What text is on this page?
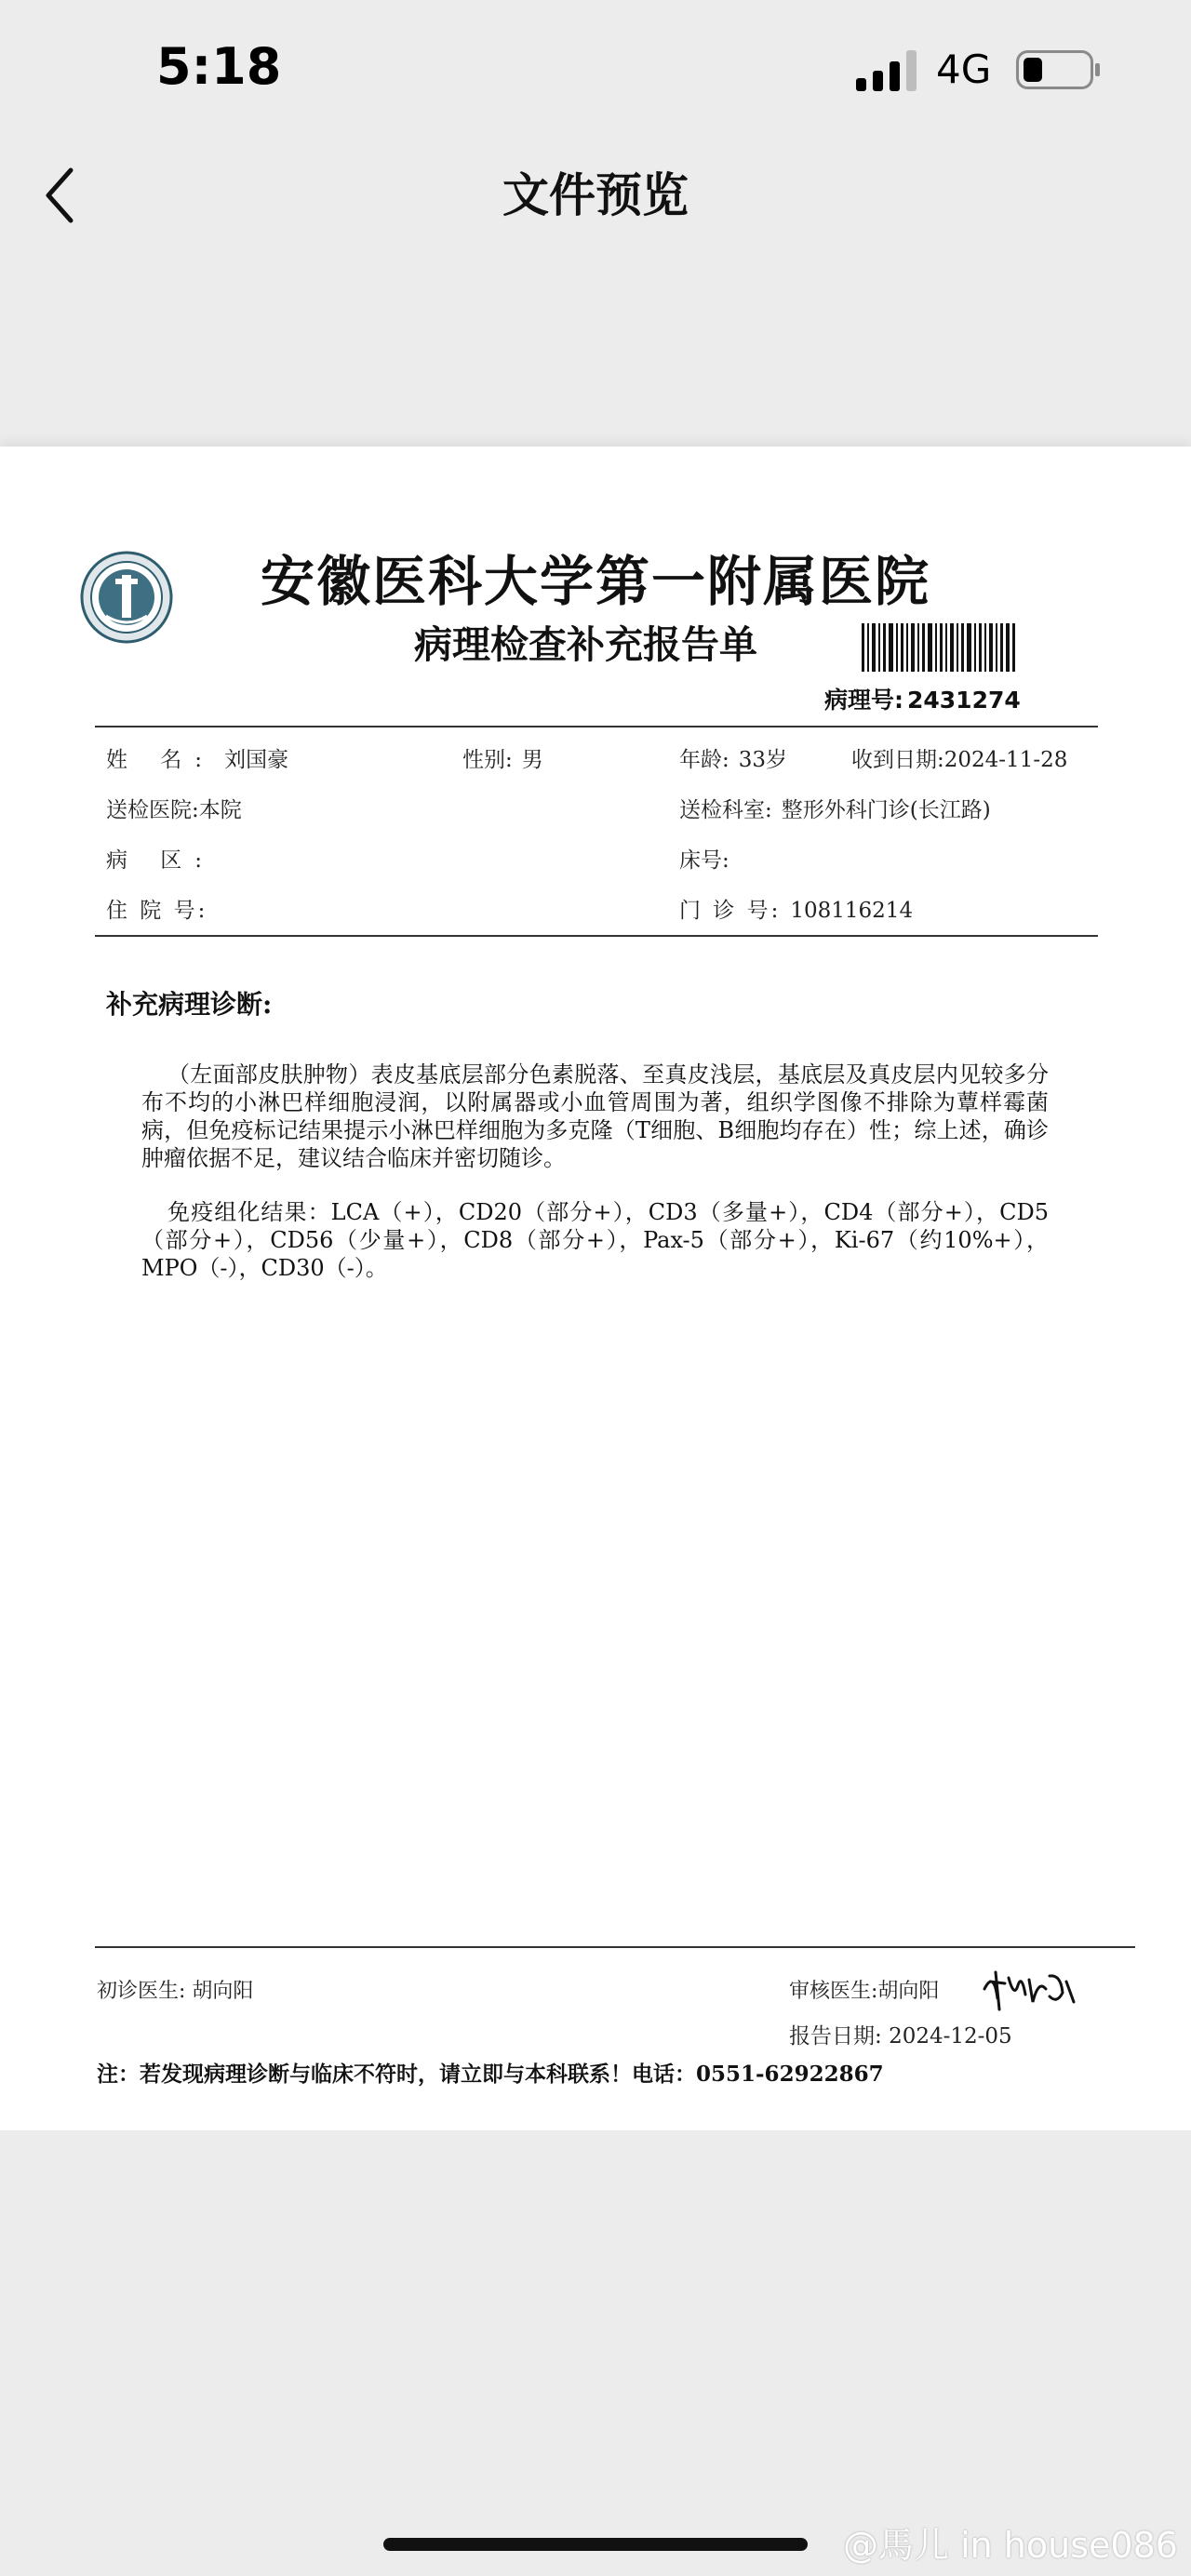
5:18	4G
文件预览
安徽医科大学第一附属医院
病理检查补充报告单
病理号: 2431274
姓 名: 刘国豪	性别: 男	年龄: 33岁	收到日期:2024-11-28
送检医院:本院	送检科室: 整形外科门诊(长江路)
病 区:	床号:
住 院 号:	门 诊 号: 108116214
补充病理诊断:
（左面部皮肤肿物）表皮基底层部分色素脱落、至真皮浅层，基底层及真皮层内见较多分布不均的小淋巴样细胞浸润，以附属器或小血管周围为著，组织学图像不排除为蕈样霉菌病，但免疫标记结果提示小淋巴样细胞为多克隆（T细胞、B细胞均存在）性；综上述，确诊肿瘤依据不足，建议结合临床并密切随诊。
免疫组化结果：LCA（+），CD20（部分+），CD3（多量+），CD4（部分+），CD5（部分+），CD56（少量+），CD8（部分+），Pax-5（部分+），Ki-67（约10%+），MPO（-），CD30（-）。
初诊医生: 胡向阳	审核医生:胡向阳
报告日期: 2024-12-05
注：若发现病理诊断与临床不符时，请立即与本科联系！电话：0551-62922867
@馬儿 in house086
